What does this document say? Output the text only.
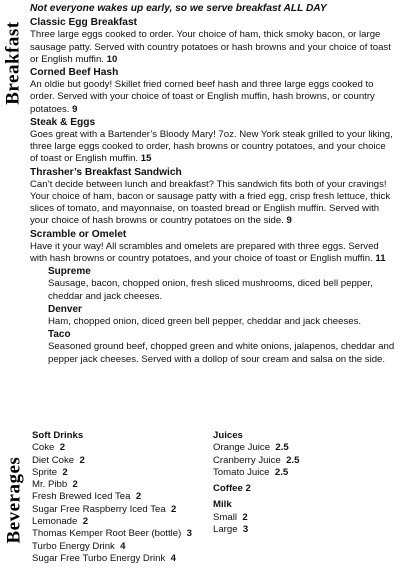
Breakfast
Beverages
Not everyone wakes up early, so we serve breakfast ALL DAY
Classic Egg Breakfast
Three large eggs cooked to order. Your choice of ham, thick smoky bacon, or large sausage patty. Served with country potatoes or hash browns and your choice of toast or English muffin. 10
Corned Beef Hash
An oldie but goody! Skillet fried corned beef hash and three large eggs cooked to order. Served with your choice of toast or English muffin, hash browns, or country potatoes. 9
Steak & Eggs
Goes great with a Bartender’s Bloody Mary! 7oz. New York steak grilled to your liking, three large eggs cooked to order, hash browns or country potatoes, and your choice of toast or English muffin. 15
Thrasher’s Breakfast Sandwich
Can’t decide between lunch and breakfast? This sandwich fits both of your cravings! Your choice of ham, bacon or sausage patty with a fried egg, crisp fresh lettuce, thick slices of tomato, and mayonnaise, on toasted bread or English muffin. Served with your choice of hash browns or country potatoes on the side. 9
Scramble or Omelet
Have it your way! All scrambles and omelets are prepared with three eggs. Served with hash browns or country potatoes, and your choice of toast or English muffin. 11
Supreme
Sausage, bacon, chopped onion, fresh sliced mushrooms, diced bell pepper, cheddar and jack cheeses.
Denver
Ham, chopped onion, diced green bell pepper, cheddar and jack cheeses.
Taco
Seasoned ground beef, chopped green and white onions, jalapenos, cheddar and pepper jack cheeses. Served with a dollop of sour cream and salsa on the side.
Soft Drinks
Coke 2
Diet Coke 2
Sprite 2
Mr. Pibb 2
Fresh Brewed Iced Tea 2
Sugar Free Raspberry Iced Tea 2
Lemonade 2
Thomas Kemper Root Beer (bottle) 3
Turbo Energy Drink 4
Sugar Free Turbo Energy Drink 4
Juices
Orange Juice 2.5
Cranberry Juice 2.5
Tomato Juice 2.5
Coffee 2
Milk
Small 2
Large 3
